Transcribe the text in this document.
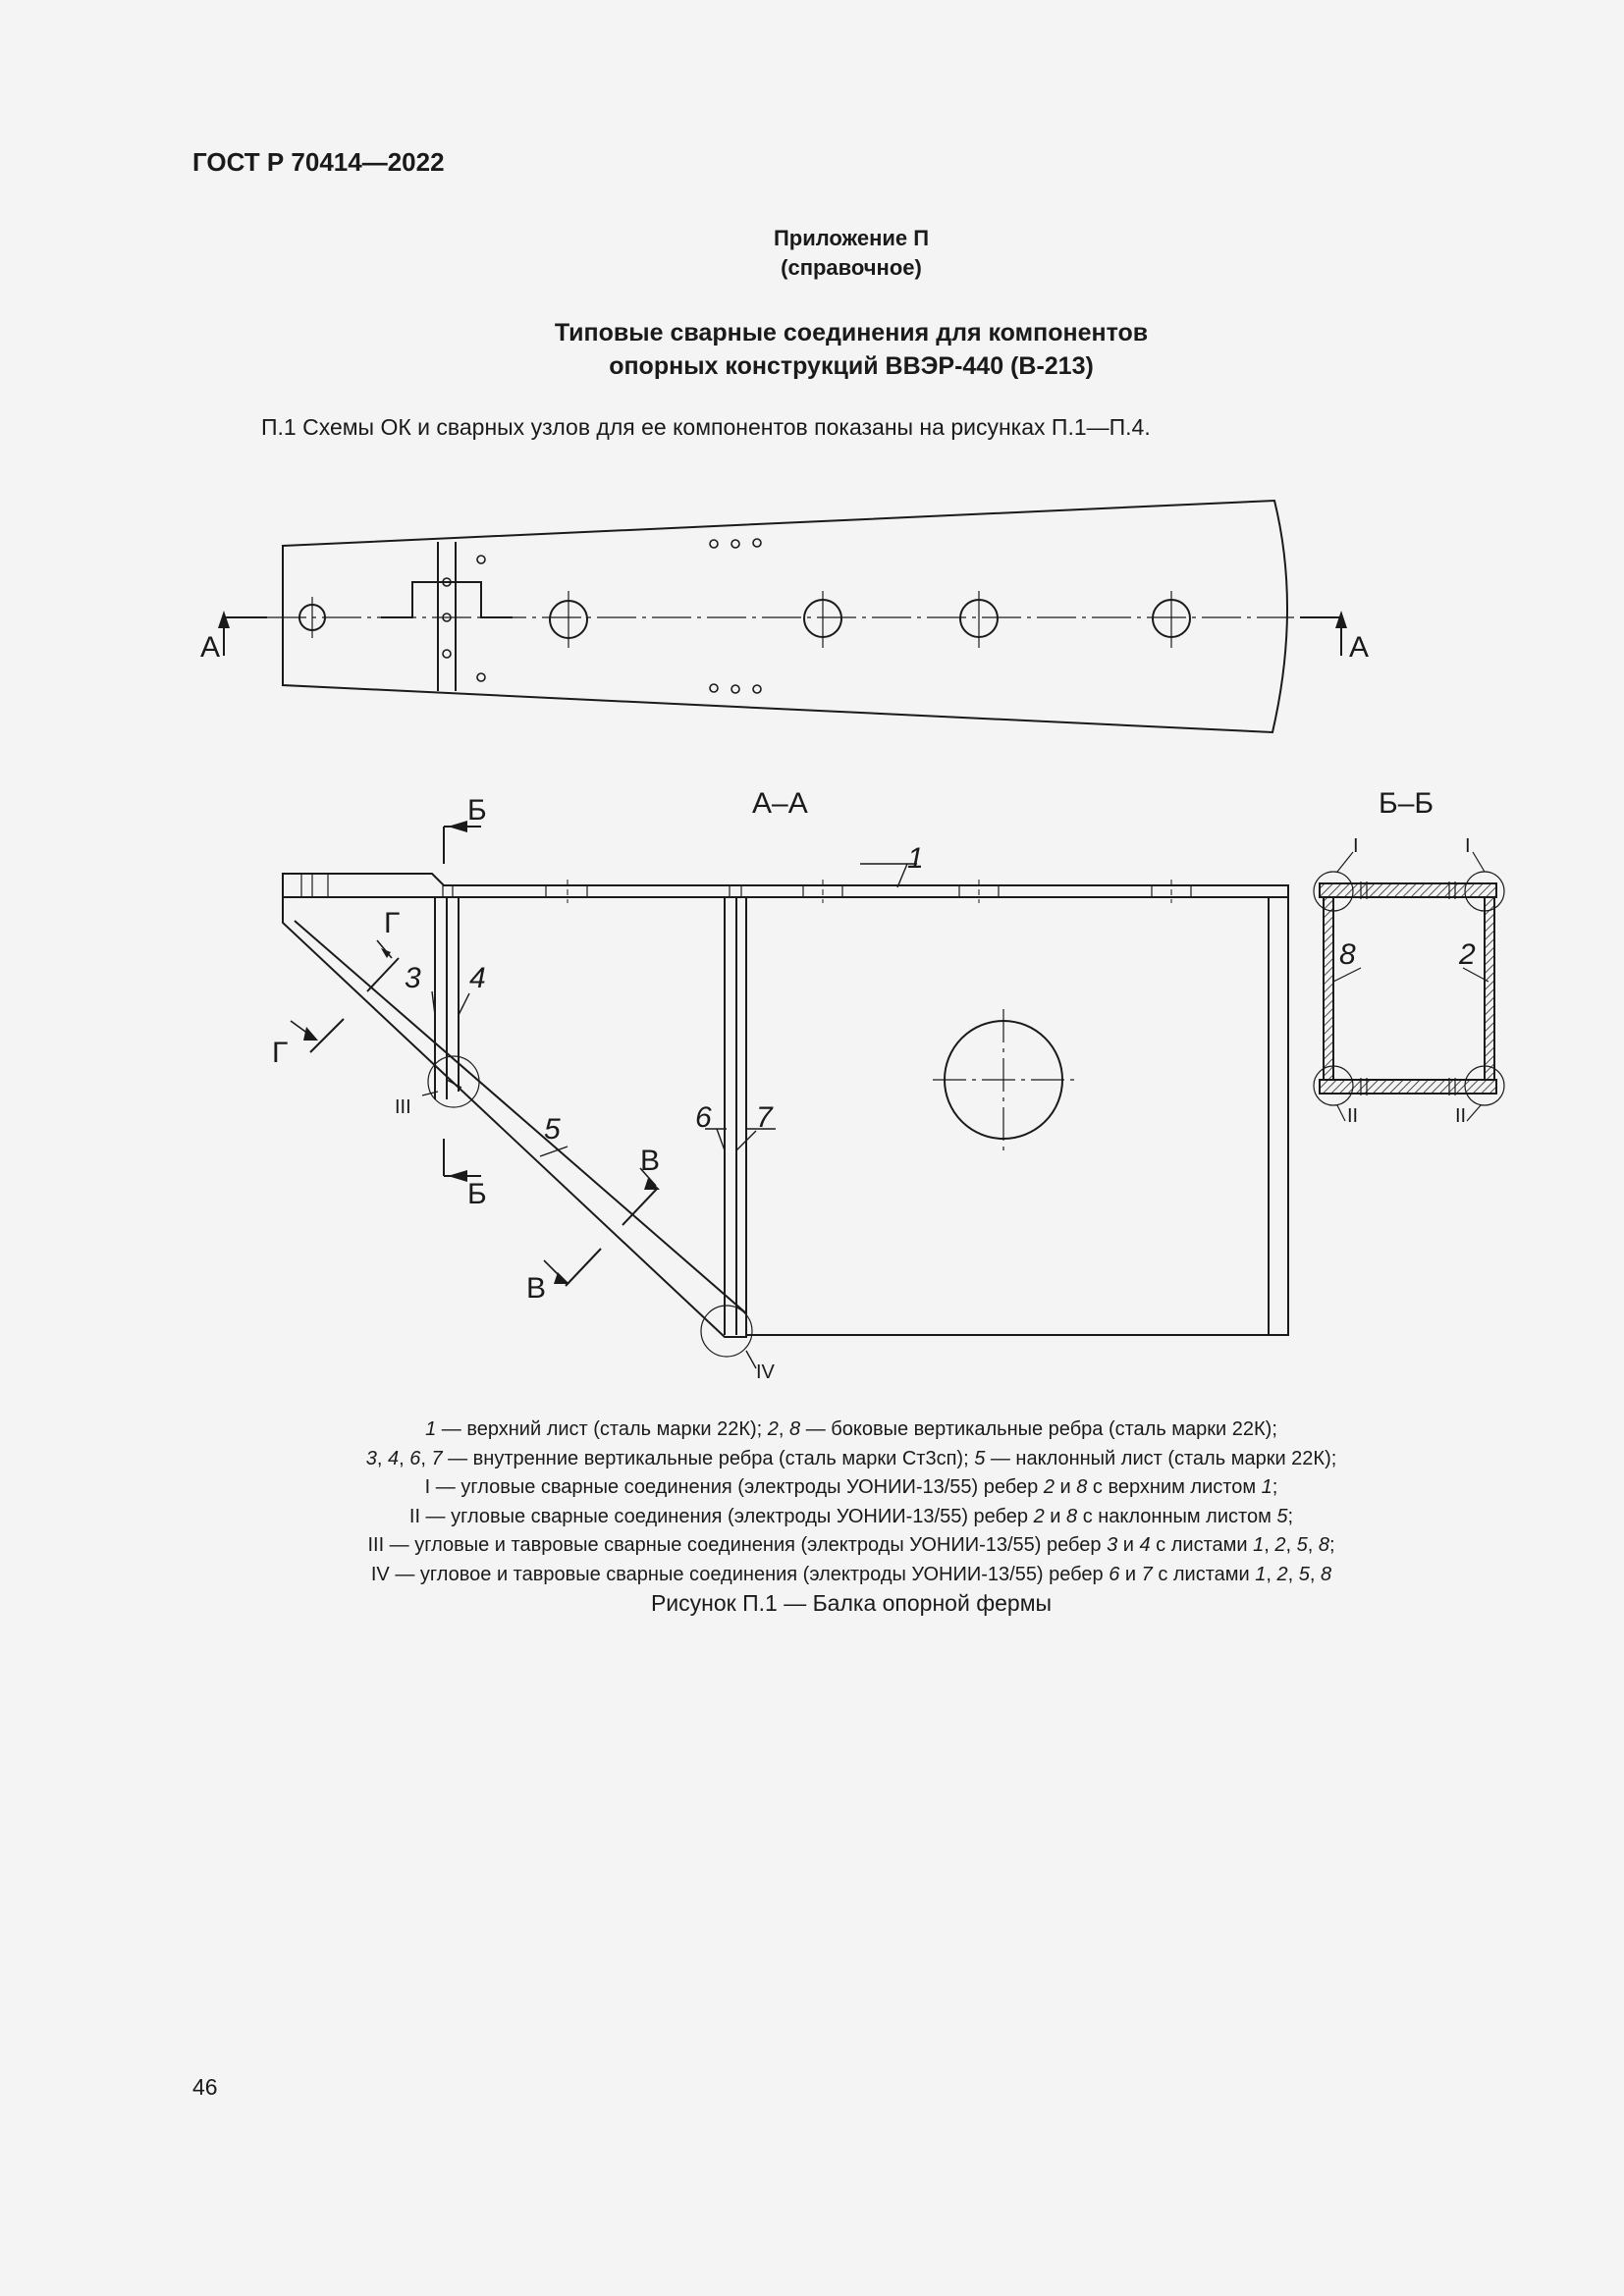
ГОСТ Р 70414—2022
Приложение П
(справочное)
Типовые сварные соединения для компонентов
опорных конструкций ВВЭР-440 (В-213)
П.1 Схемы ОК и сварных узлов для ее компонентов показаны на рисунках П.1—П.4.
А	А
А–А
Б
Б
Г
Г
В
В
1
3 4
5	6 7
III
IV
Б–Б
I	I
II	II
8	2
1 — верхний лист (сталь марки 22К); 2, 8 — боковые вертикальные ребра (сталь марки 22К);
3, 4, 6, 7 — внутренние вертикальные ребра (сталь марки Ст3сп); 5 — наклонный лист (сталь марки 22К);
I — угловые сварные соединения (электроды УОНИИ-13/55) ребер 2 и 8 с верхним листом 1;
II — угловые сварные соединения (электроды УОНИИ-13/55) ребер 2 и 8 с наклонным листом 5;
III — угловые и тавровые сварные соединения (электроды УОНИИ-13/55) ребер 3 и 4 с листами 1, 2, 5, 8;
IV — угловое и тавровые сварные соединения (электроды УОНИИ-13/55) ребер 6 и 7 с листами 1, 2, 5, 8
Рисунок П.1 — Балка опорной фермы
46
